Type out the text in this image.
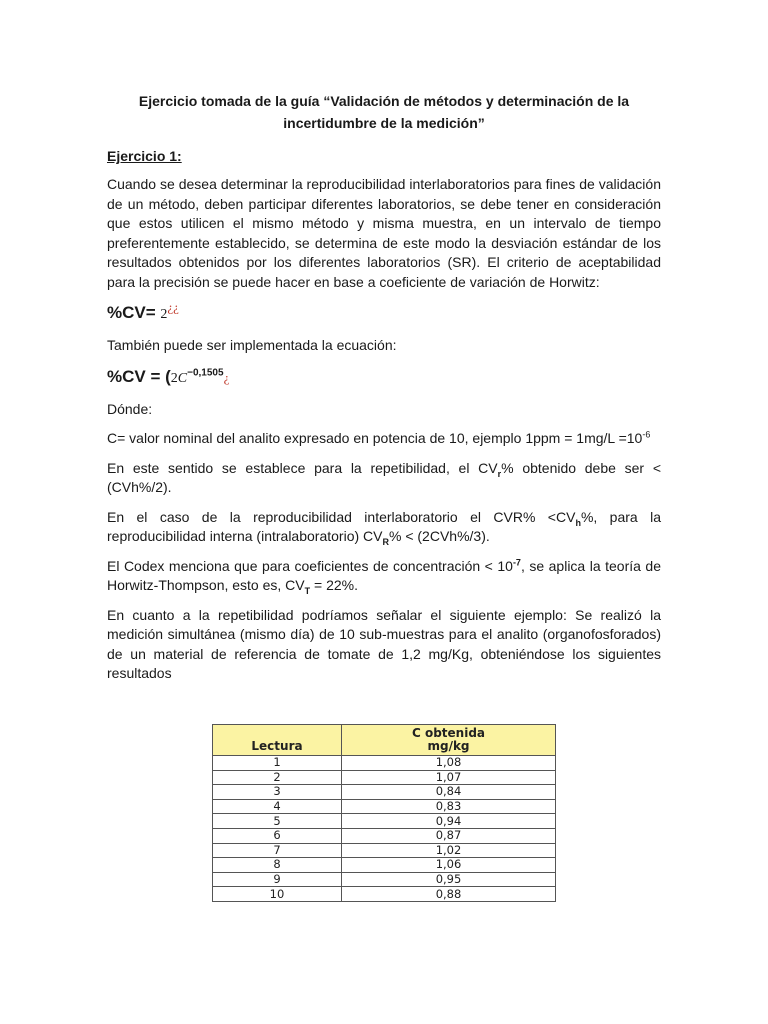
Ejercicio tomada de la guía “Validación de métodos y determinación de la incertidumbre de la medición”
Ejercicio 1:

Cuando se desea determinar la reproducibilidad interlaboratorios para fines de validación de un método, deben participar diferentes laboratorios, se debe tener en consideración que estos utilicen el mismo método y misma muestra, en un intervalo de tiempo preferentemente establecido, se determina de este modo la desviación estándar de los resultados obtenidos por los diferentes laboratorios (SR). El criterio de aceptabilidad para la precisión se puede hacer en base a coeficiente de variación de Horwitz:

%CV= 2¿¿

También puede ser implementada la ecuación:

$\%CV = (2C^{-0,1505}¿$

Dónde:

C= valor nominal del analito expresado en potencia de 10, ejemplo $1ppm = 1mg/L =10^{-6}$

En este sentido se establece para la repetibilidad, el $CV_r\%$ obtenido debe ser < (CVh%/2).

En el caso de la reproducibilidad interlaboratorio el $CVR\% <CV_h\%$, para la reproducibilidad interna (intralaboratorio) $CV_R\% < (2CVh\%/3)$.

El Codex menciona que para coeficientes de concentración < $10^{-7}$, se aplica la teoría de Horwitz-Thompson, esto es, $CV_T = 22\%$.

En cuanto a la repetibilidad podríamos señalar el siguiente ejemplo: Se realizó la medición simultánea (mismo día) de 10 sub-muestras para el analito (organofosforados) de un material de referencia de tomate de 1,2 mg/Kg, obteniéndose los siguientes resultados

Lectura	C obtenida
mg/kg

1	1,08
2	1,07
3	0,84
4	0,83
5	0,94
6	0,87
7	1,02
8	1,06
9	0,95
10	0,88
